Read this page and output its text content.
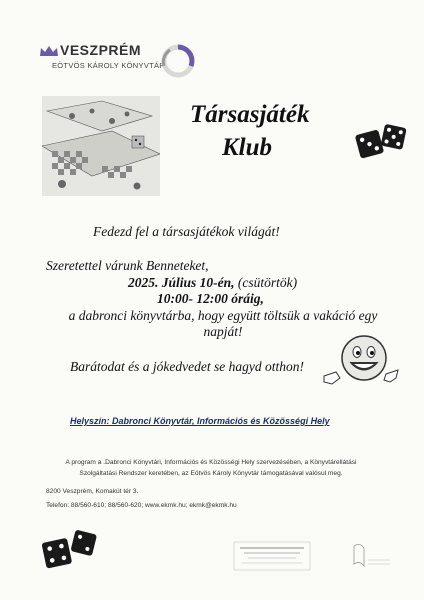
VESZPRÉM
EÖTVÖS KÁROLY KÖNYVTÁR
Társasjáték
Klub
Fedezd fel a társasjátékok világát!
Szeretettel várunk Benneteket,
2025. Július 10-én, (csütörtök)
10:00- 12:00 óráig,
a dabronci könyvtárba, hogy együtt töltsük a vakáció egy napját!
Barátodat és a jókedvedet se hagyd otthon!
Helyszín: Dabronci Könyvtár, Információs és Közösségi Hely
A program a .Dabronci Könyvtári, Információs és Közösségi Hely szervezésében, a Könyvtárellátási Szolgáltatási Rendszer keretében, az Eötvös Károly Könyvtár támogatásával valósul meg.
8200 Veszprém, Komakút tér 3.
Telefon: 88/560-610; 88/560-620; www.ekmk.hu; ekmk@ekmk.hu
